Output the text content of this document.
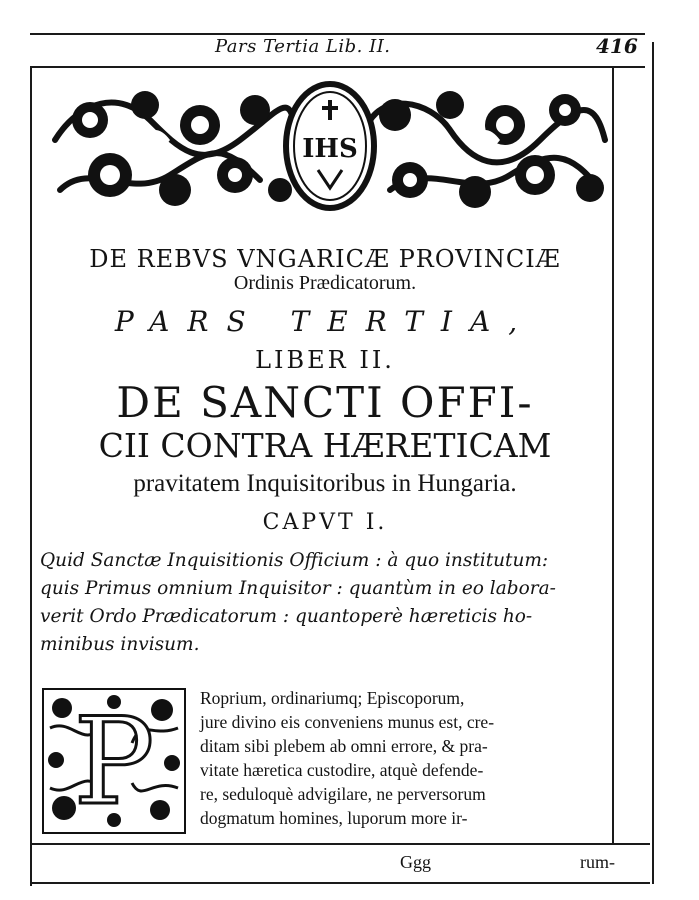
Pars Tertia Lib. II.	416
IHS
DE REBVS VNGARICÆ PROVINCIÆ
Ordinis Prædicatorum.
PARS TERTIA,
LIBER II.
DE SANCTI OFFI-
CII CONTRA HÆRETICAM
pravitatem Inquisitoribus in Hungaria.
CAPVT I.
Quid Sanctæ Inquisitionis Officium : à quo institutum:
quis Primus omnium Inquisitor : quantùm in eo labora-
verit Ordo Prædicatorum : quantoperè hæreticis ho-
minibus invisum.
P	Roprium, ordinariumq; Episcoporum,
jure divino eis conveniens munus est, cre-
ditam sibi plebem ab omni errore, & pra-
vitate hæretica custodire, atquè defende-
re, seduloquè advigilare, ne perversorum
dogmatum homines, luporum more ir-
Ggg	rum-
